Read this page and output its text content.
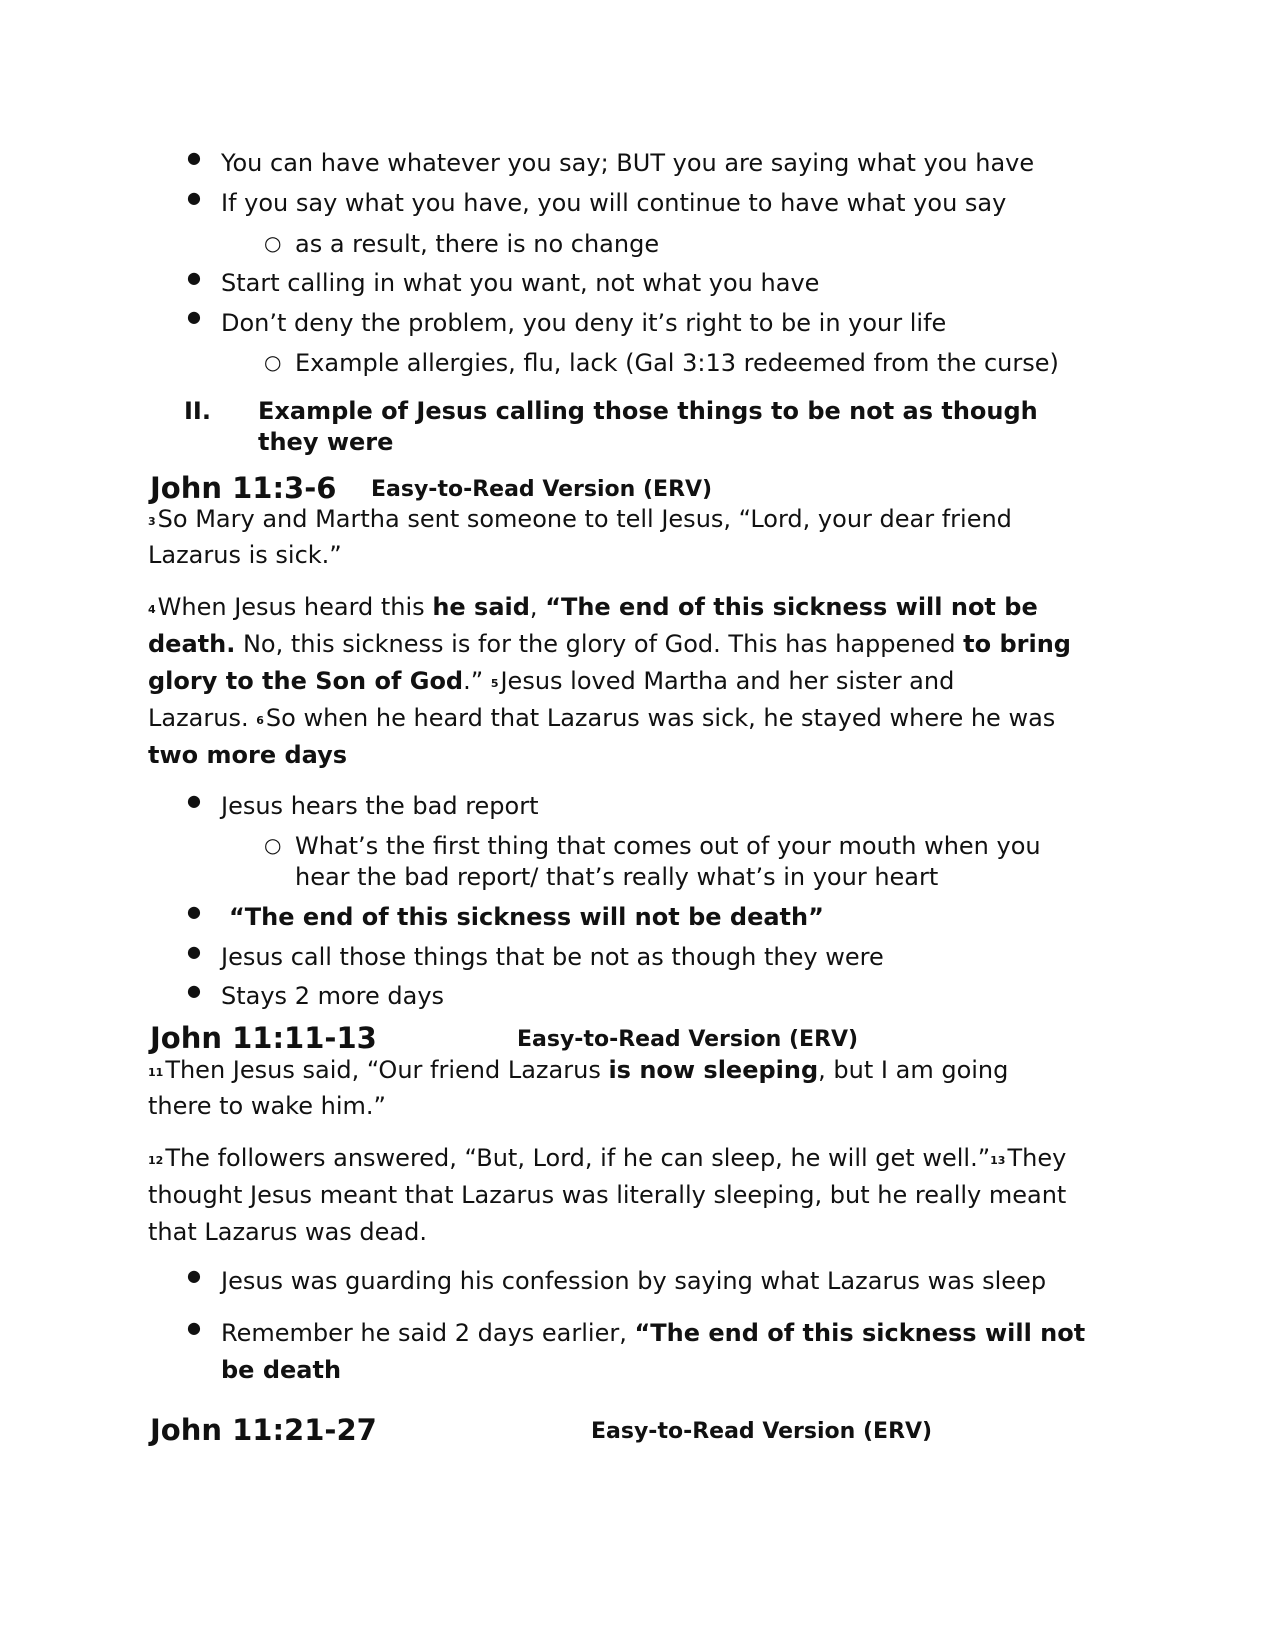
● You can have whatever you say; BUT you are saying what you have
● If you say what you have, you will continue to have what you say
○ as a result, there is no change
● Start calling in what you want, not what you have
● Don’t deny the problem, you deny it’s right to be in your life
○ Example allergies, flu, lack (Gal 3:13 redeemed from the curse)
II. Example of Jesus calling those things to be not as though
they were
John 11:3-6 Easy-to-Read Version (ERV)
3So Mary and Martha sent someone to tell Jesus, “Lord, your dear friend
Lazarus is sick.”
4When Jesus heard this he said, “The end of this sickness will not be
death. No, this sickness is for the glory of God. This has happened to bring
glory to the Son of God.” 5Jesus loved Martha and her sister and
Lazarus. 6So when he heard that Lazarus was sick, he stayed where he was
two more days
● Jesus hears the bad report
○ What’s the first thing that comes out of your mouth when you
hear the bad report/ that’s really what’s in your heart
● “The end of this sickness will not be death”
● Jesus call those things that be not as though they were
● Stays 2 more days
John 11:11-13	Easy-to-Read Version (ERV)
11Then Jesus said, “Our friend Lazarus is now sleeping, but I am going
there to wake him.”
12The followers answered, “But, Lord, if he can sleep, he will get well.”13They
thought Jesus meant that Lazarus was literally sleeping, but he really meant
that Lazarus was dead.
● Jesus was guarding his confession by saying what Lazarus was sleep
● Remember he said 2 days earlier, “The end of this sickness will not
be death
John 11:21-27	Easy-to-Read Version (ERV)
